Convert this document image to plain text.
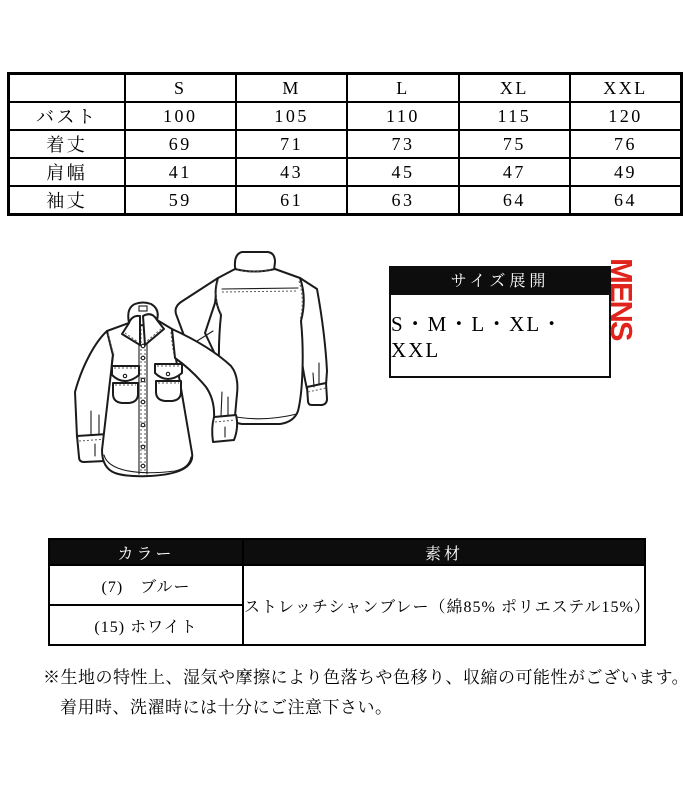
	S	M	L	XL	XXL
バスト	100	105	110	115	120
着丈	69	71	73	75	76
肩幅	41	43	45	47	49
袖丈	59	61	63	64	64
サイズ展開
S・M・L・XL・XXL
MENS
カラー	素材
(7)　ブルー	ストレッチシャンブレー（綿85% ポリエステル15%）
(15) ホワイト	
※生地の特性上、湿気や摩擦により色落ちや色移り、収縮の可能性がございます。
着用時、洗濯時には十分にご注意下さい。
